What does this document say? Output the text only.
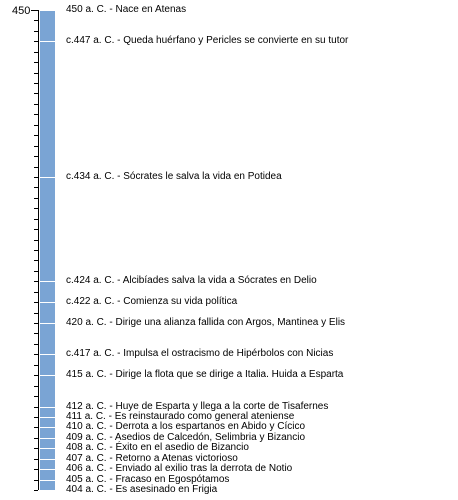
450	450 a. C. - Nace en Atenas
c.447 a. C. - Queda huérfano y Pericles se convierte en su tutor
c.434 a. C. - Sócrates le salva la vida en Potidea
c.424 a. C. - Alcibíades salva la vida a Sócrates en Delio
c.422 a. C. - Comienza su vida política
420 a. C. - Dirige una alianza fallida con Argos, Mantinea y Elis
c.417 a. C. - Impulsa el ostracismo de Hipérbolos con Nicias
415 a. C. - Dirige la flota que se dirige a Italia. Huida a Esparta
412 a. C. - Huye de Esparta y llega a la corte de Tisafernes
411 a. C. - Es reinstaurado como general ateniense
410 a. C. - Derrota a los espartanos en Abido y Cícico
409 a. C. - Asedios de Calcedón, Selimbria y Bizancio
408 a. C. - Éxito en el asedio de Bizancio
407 a. C. - Retorno a Atenas victorioso
406 a. C. - Enviado al exilio tras la derrota de Notio
405 a. C. - Fracaso en Egospótamos
404 a. C. - Es asesinado en Frigia
